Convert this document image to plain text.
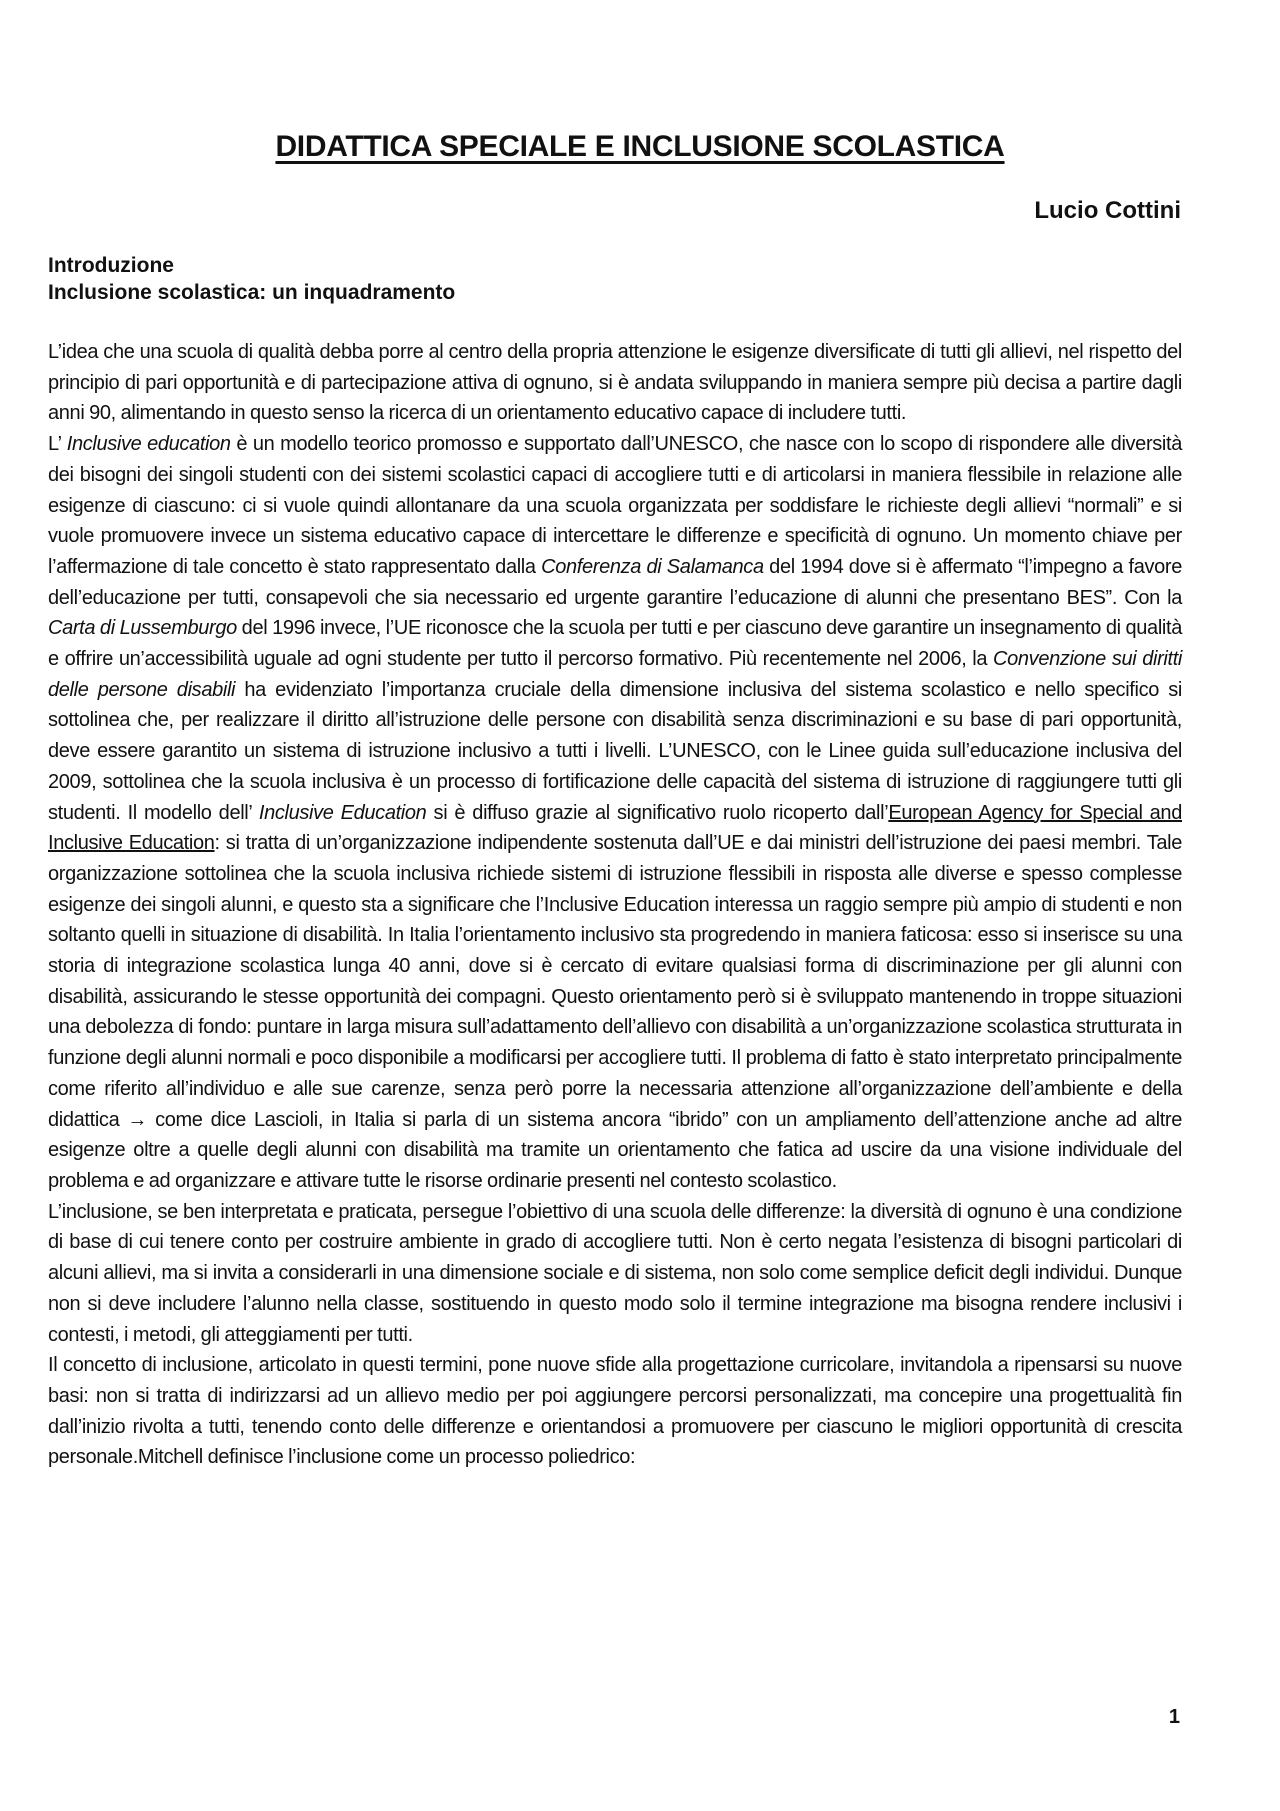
DIDATTICA SPECIALE E INCLUSIONE SCOLASTICA
Lucio Cottini
Introduzione
Inclusione scolastica: un inquadramento

L’idea che una scuola di qualità debba porre al centro della propria attenzione le esigenze diversificate di tutti gli allievi, nel rispetto del principio di pari opportunità e di partecipazione attiva di ognuno, si è andata sviluppando in maniera sempre più decisa a partire dagli anni 90, alimentando in questo senso la ricerca di un orientamento educativo capace di includere tutti.

L’ Inclusive education è un modello teorico promosso e supportato dall’UNESCO, che nasce con lo scopo di rispondere alle diversità dei bisogni dei singoli studenti con dei sistemi scolastici capaci di accogliere tutti e di articolarsi in maniera flessibile in relazione alle esigenze di ciascuno: ci si vuole quindi allontanare da una scuola organizzata per soddisfare le richieste degli allievi “normali” e si vuole promuovere invece un sistema educativo capace di intercettare le differenze e specificità di ognuno. Un momento chiave per l’affermazione di tale concetto è stato rappresentato dalla Conferenza di Salamanca del 1994 dove si è affermato “l’impegno a favore dell’educazione per tutti, consapevoli che sia necessario ed urgente garantire l’educazione di alunni che presentano BES”. Con la Carta di Lussemburgo del 1996 invece, l’UE riconosce che la scuola per tutti e per ciascuno deve garantire un insegnamento di qualità e offrire un’accessibilità uguale ad ogni studente per tutto il percorso formativo. Più recentemente nel 2006, la Convenzione sui diritti delle persone disabili ha evidenziato l’importanza cruciale della dimensione inclusiva del sistema scolastico e nello specifico si sottolinea che, per realizzare il diritto all’istruzione delle persone con disabilità senza discriminazioni e su base di pari opportunità, deve essere garantito un sistema di istruzione inclusivo a tutti i livelli. L’UNESCO, con le Linee guida sull’educazione inclusiva del 2009, sottolinea che la scuola inclusiva è un processo di fortificazione delle capacità del sistema di istruzione di raggiungere tutti gli studenti. Il modello dell’ Inclusive Education si è diffuso grazie al significativo ruolo ricoperto dall’European Agency for Special and Inclusive Education: si tratta di un’organizzazione indipendente sostenuta dall’UE e dai ministri dell’istruzione dei paesi membri. Tale organizzazione sottolinea che la scuola inclusiva richiede sistemi di istruzione flessibili in risposta alle diverse e spesso complesse esigenze dei singoli alunni, e questo sta a significare che l’Inclusive Education interessa un raggio sempre più ampio di studenti e non soltanto quelli in situazione di disabilità. In Italia l’orientamento inclusivo sta progredendo in maniera faticosa: esso si inserisce su una storia di integrazione scolastica lunga 40 anni, dove si è cercato di evitare qualsiasi forma di discriminazione per gli alunni con disabilità, assicurando le stesse opportunità dei compagni. Questo orientamento però si è sviluppato mantenendo in troppe situazioni una debolezza di fondo: puntare in larga misura sull’adattamento dell’allievo con disabilità a un’organizzazione scolastica strutturata in funzione degli alunni normali e poco disponibile a modificarsi per accogliere tutti. Il problema di fatto è stato interpretato principalmente come riferito all’individuo e alle sue carenze, senza però porre la necessaria attenzione all’organizzazione dell’ambiente e della didattica → come dice Lascioli, in Italia si parla di un sistema ancora “ibrido” con un ampliamento dell’attenzione anche ad altre esigenze oltre a quelle degli alunni con disabilità ma tramite un orientamento che fatica ad uscire da una visione individuale del problema e ad organizzare e attivare tutte le risorse ordinarie presenti nel contesto scolastico.

L’inclusione, se ben interpretata e praticata, persegue l’obiettivo di una scuola delle differenze: la diversità di ognuno è una condizione di base di cui tenere conto per costruire ambiente in grado di accogliere tutti. Non è certo negata l’esistenza di bisogni particolari di alcuni allievi, ma si invita a considerarli in una dimensione sociale e di sistema, non solo come semplice deficit degli individui. Dunque non si deve includere l’alunno nella classe, sostituendo in questo modo solo il termine integrazione ma bisogna rendere inclusivi i contesti, i metodi, gli atteggiamenti per tutti.

Il concetto di inclusione, articolato in questi termini, pone nuove sfide alla progettazione curricolare, invitandola a ripensarsi su nuove basi: non si tratta di indirizzarsi ad un allievo medio per poi aggiungere percorsi personalizzati, ma concepire una progettualità fin dall’inizio rivolta a tutti, tenendo conto delle differenze e orientandosi a promuovere per ciascuno le migliori opportunità di crescita personale.Mitchell definisce l’inclusione come un processo poliedrico:

1
